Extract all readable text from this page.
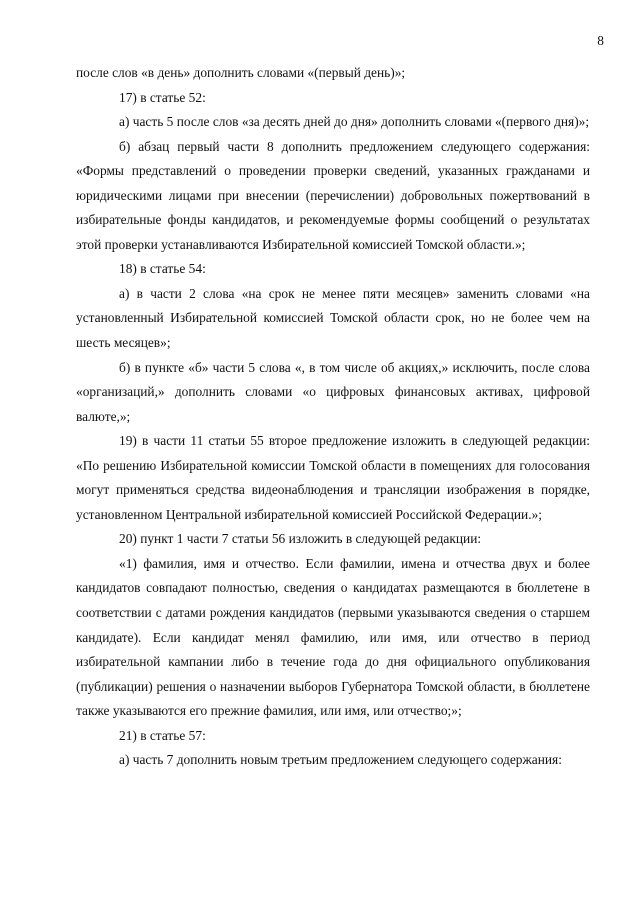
8

после слов «в день» дополнить словами «(первый день)»;

17) в статье 52:

а) часть 5 после слов «за десять дней до дня» дополнить словами «(первого дня)»;

б) абзац первый части 8 дополнить предложением следующего содержания: «Формы представлений о проведении проверки сведений, указанных гражданами и юридическими лицами при внесении (перечислении) добровольных пожертвований в избирательные фонды кандидатов, и рекомендуемые формы сообщений о результатах этой проверки устанавливаются Избирательной комиссией Томской области.»;

18) в статье 54:

а) в части 2 слова «на срок не менее пяти месяцев» заменить словами «на установленный Избирательной комиссией Томской области срок, но не более чем на шесть месяцев»;

б) в пункте «б» части 5 слова «, в том числе об акциях,» исключить, после слова «организаций,» дополнить словами «о цифровых финансовых активах, цифровой валюте,»;

19) в части 11 статьи 55 второе предложение изложить в следующей редакции: «По решению Избирательной комиссии Томской области в помещениях для голосования могут применяться средства видеонаблюдения и трансляции изображения в порядке, установленном Центральной избирательной комиссией Российской Федерации.»;

20) пункт 1 части 7 статьи 56 изложить в следующей редакции:

«1) фамилия, имя и отчество. Если фамилии, имена и отчества двух и более кандидатов совпадают полностью, сведения о кандидатах размещаются в бюллетене в соответствии с датами рождения кандидатов (первыми указываются сведения о старшем кандидате). Если кандидат менял фамилию, или имя, или отчество в период избирательной кампании либо в течение года до дня официального опубликования (публикации) решения о назначении выборов Губернатора Томской области, в бюллетене также указываются его прежние фамилия, или имя, или отчество;»;

21) в статье 57:

а) часть 7 дополнить новым третьим предложением следующего содержания:
